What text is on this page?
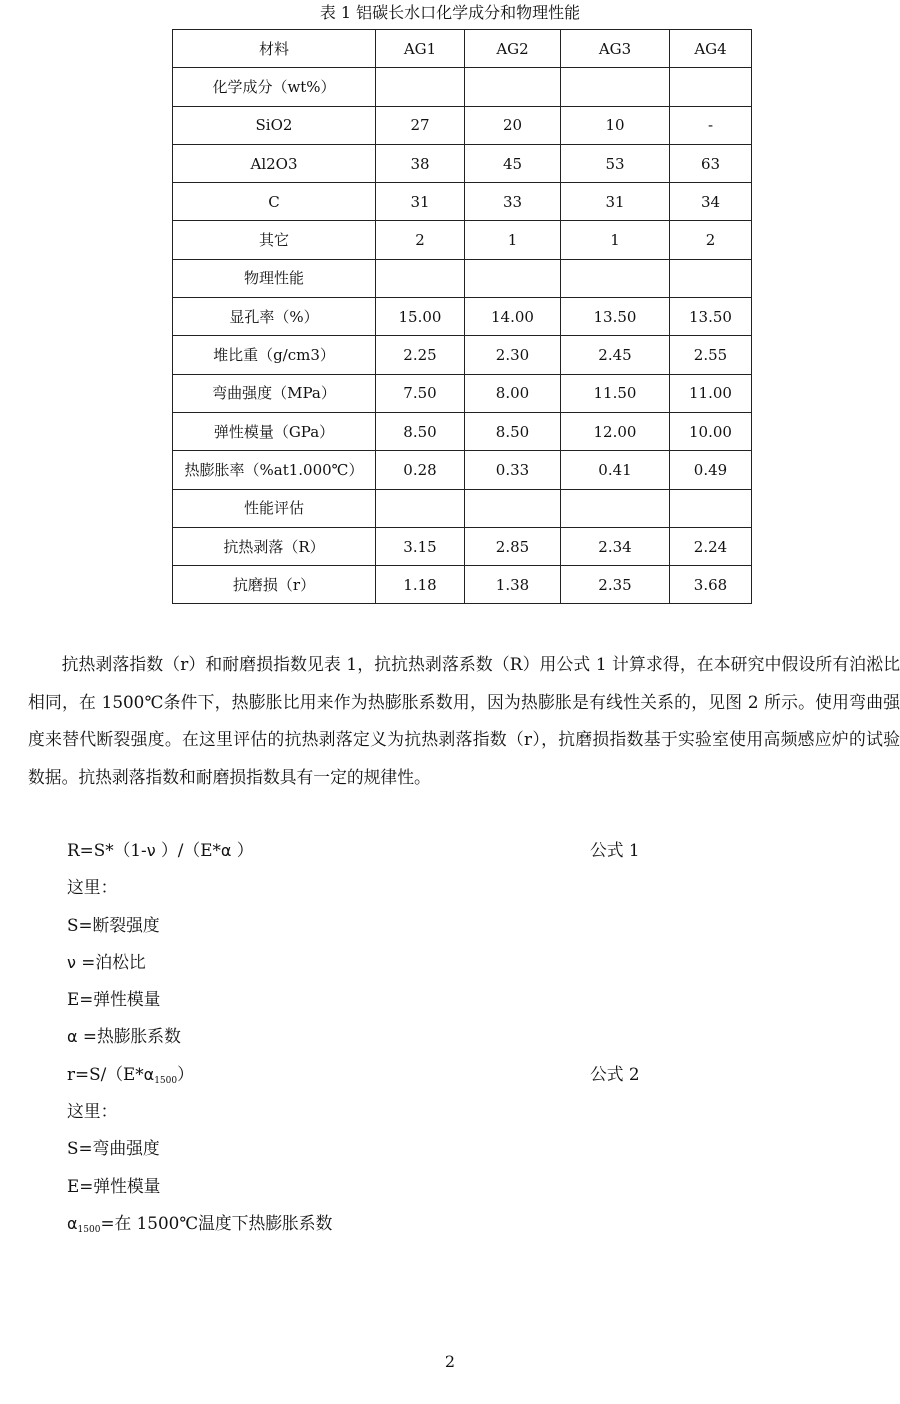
表 1 铝碳长水口化学成分和物理性能
材料	AG1	AG2	AG3	AG4
化学成分（wt%）				
SiO2	27	20	10	-
Al2O3	38	45	53	63
C	31	33	31	34
其它	2	1	1	2
物理性能				
显孔率（%）	15.00	14.00	13.50	13.50
堆比重（g/cm3）	2.25	2.30	2.45	2.55
弯曲强度（MPa）	7.50	8.00	11.50	11.00
弹性模量（GPa）	8.50	8.50	12.00	10.00
热膨胀率（%at1.000℃）	0.28	0.33	0.41	0.49
性能评估				
抗热剥落（R）	3.15	2.85	2.34	2.24
抗磨损（r）	1.18	1.38	2.35	3.68

抗热剥落指数（r）和耐磨损指数见表 1，抗抗热剥落系数（R）用公式 1 计算求得，在本研究中假设所有泊淞比相同，在 1500℃条件下，热膨胀比用来作为热膨胀系数用，因为热膨胀是有线性关系的，见图 2 所示。使用弯曲强度来替代断裂强度。在这里评估的抗热剥落定义为抗热剥落指数（r），抗磨损指数基于实验室使用高频感应炉的试验数据。抗热剥落指数和耐磨损指数具有一定的规律性。

R=S*（1-ν ）/（E*α ）	公式 1
这里：
S=断裂强度
ν =泊松比
E=弹性模量
α =热膨胀系数
r=S/（E*α1500）	公式 2
这里：
S=弯曲强度
E=弹性模量
α1500=在 1500℃温度下热膨胀系数
2
